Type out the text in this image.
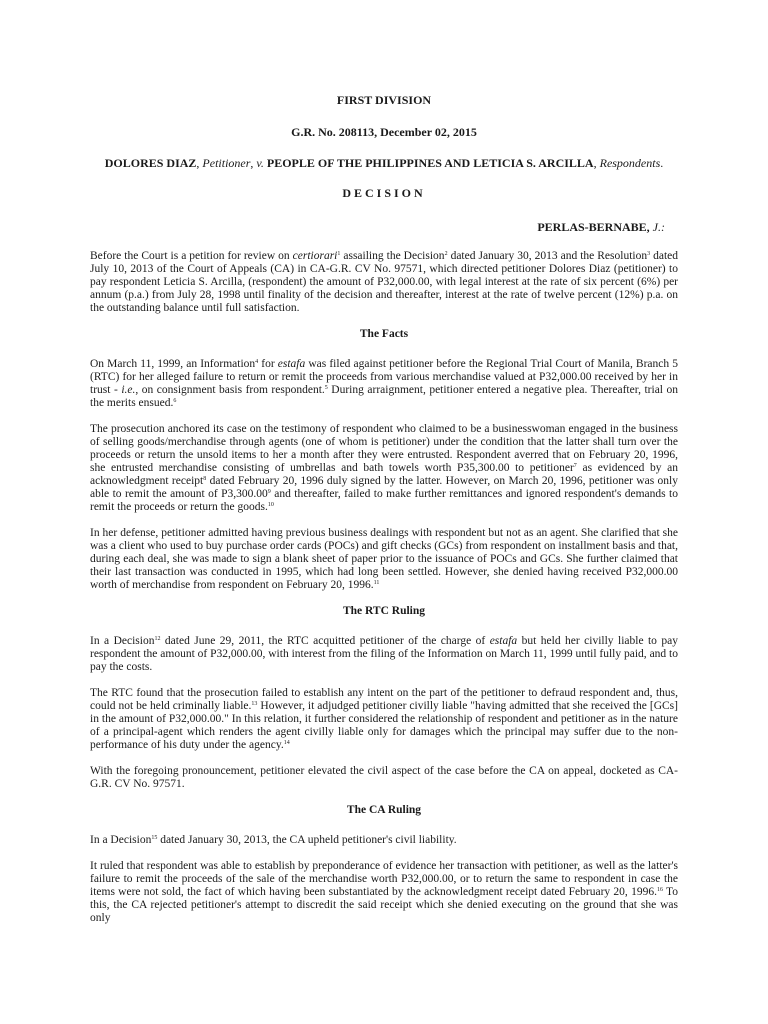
FIRST DIVISION
G.R. No. 208113, December 02, 2015
DOLORES DIAZ, Petitioner, v. PEOPLE OF THE PHILIPPINES AND LETICIA S. ARCILLA, Respondents.
DECISION
PERLAS-BERNABE, J.:

Before the Court is a petition for review on certiorari$^1$ assailing the Decision$^2$ dated January 30, 2013 and the Resolution$^3$ dated July 10, 2013 of the Court of Appeals (CA) in CA-G.R. CV No. 97571, which directed petitioner Dolores Diaz (petitioner) to pay respondent Leticia S. Arcilla, (respondent) the amount of P32,000.00, with legal interest at the rate of six percent (6%) per annum (p.a.) from July 28, 1998 until finality of the decision and thereafter, interest at the rate of twelve percent (12%) p.a. on the outstanding balance until full satisfaction.

The Facts

On March 11, 1999, an Information$^4$ for estafa was filed against petitioner before the Regional Trial Court of Manila, Branch 5 (RTC) for her alleged failure to return or remit the proceeds from various merchandise valued at P32,000.00 received by her in trust - i.e., on consignment basis from respondent.$^5$ During arraignment, petitioner entered a negative plea. Thereafter, trial on the merits ensued.$^6$

The prosecution anchored its case on the testimony of respondent who claimed to be a businesswoman engaged in the business of selling goods/merchandise through agents (one of whom is petitioner) under the condition that the latter shall turn over the proceeds or return the unsold items to her a month after they were entrusted. Respondent averred that on February 20, 1996, she entrusted merchandise consisting of umbrellas and bath towels worth P35,300.00 to petitioner$^7$ as evidenced by an acknowledgment receipt$^8$ dated February 20, 1996 duly signed by the latter. However, on March 20, 1996, petitioner was only able to remit the amount of P3,300.00$^9$ and thereafter, failed to make further remittances and ignored respondent's demands to remit the proceeds or return the goods.$^{10}$

In her defense, petitioner admitted having previous business dealings with respondent but not as an agent. She clarified that she was a client who used to buy purchase order cards (POCs) and gift checks (GCs) from respondent on installment basis and that, during each deal, she was made to sign a blank sheet of paper prior to the issuance of POCs and GCs. She further claimed that their last transaction was conducted in 1995, which had long been settled. However, she denied having received P32,000.00 worth of merchandise from respondent on February 20, 1996.11

The RTC Ruling

In a Decision$^{12}$ dated June 29, 2011, the RTC acquitted petitioner of the charge of estafa but held her civilly liable to pay respondent the amount of P32,000.00, with interest from the filing of the Information on March 11, 1999 until fully paid, and to pay the costs.

The RTC found that the prosecution failed to establish any intent on the part of the petitioner to defraud respondent and, thus, could not be held criminally liable.$^{13}$ However, it adjudged petitioner civilly liable "having admitted that she received the [GCs] in the amount of P32,000.00." In this relation, it further considered the relationship of respondent and petitioner as in the nature of a principal-agent which renders the agent civilly liable only for damages which the principal may suffer due to the non-performance of his duty under the agency.$^{14}$

With the foregoing pronouncement, petitioner elevated the civil aspect of the case before the CA on appeal, docketed as CA-G.R. CV No. 97571.

The CA Ruling

In a Decision$^{15}$ dated January 30, 2013, the CA upheld petitioner's civil liability.

It ruled that respondent was able to establish by preponderance of evidence her transaction with petitioner, as well as the latter's failure to remit the proceeds of the sale of the merchandise worth P32,000.00, or to return the same to respondent in case the items were not sold, the fact of which having been substantiated by the acknowledgment receipt dated February 20, 1996.16 To this, the CA rejected petitioner's attempt to discredit the said receipt which she denied executing on the ground that she was only
